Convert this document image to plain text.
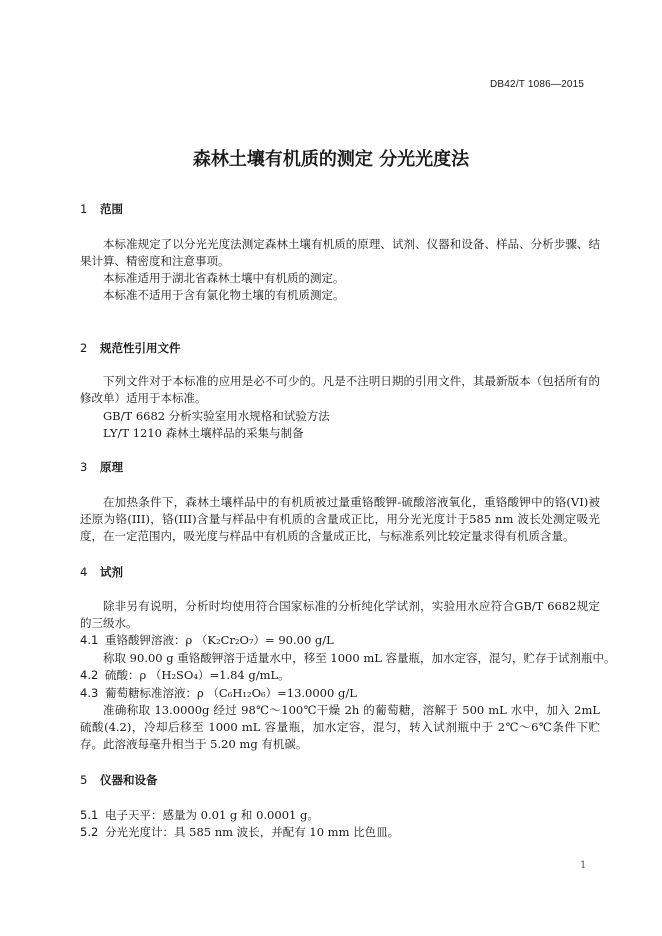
DB42/T 1086—2015
森林土壤有机质的测定 分光光度法
1 范围
本标准规定了以分光光度法测定森林土壤有机质的原理、试剂、仪器和设备、样品、分析步骤、结果计算、精密度和注意事项。
本标准适用于湖北省森林土壤中有机质的测定。
本标准不适用于含有氯化物土壤的有机质测定。
2 规范性引用文件
下列文件对于本标准的应用是必不可少的。凡是不注明日期的引用文件，其最新版本（包括所有的修改单）适用于本标准。
GB/T 6682 分析实验室用水规格和试验方法
LY/T 1210 森林土壤样品的采集与制备
3 原理
在加热条件下，森林土壤样品中的有机质被过量重铬酸钾-硫酸溶液氧化，重铬酸钾中的铬(VI)被还原为铬(III)，铬(III)含量与样品中有机质的含量成正比，用分光光度计于585 nm 波长处测定吸光度，在一定范围内，吸光度与样品中有机质的含量成正比，与标准系列比较定量求得有机质含量。
4 试剂
除非另有说明，分析时均使用符合国家标准的分析纯化学试剂，实验用水应符合GB/T 6682规定的三级水。
4.1 重铬酸钾溶液：ρ （K₂Cr₂O₇）= 90.00 g/L
称取 90.00 g 重铬酸钾溶于适量水中，移至 1000 mL 容量瓶，加水定容，混匀，贮存于试剂瓶中。
4.2 硫酸：ρ （H₂SO₄）=1.84 g/mL。
4.3 葡萄糖标准溶液：ρ （C₆H₁₂O₆）=13.0000 g/L
准确称取 13.0000g 经过 98℃～100℃干燥 2h 的葡萄糖，溶解于 500 mL 水中，加入 2mL 硫酸(4.2)，冷却后移至 1000 mL 容量瓶，加水定容，混匀，转入试剂瓶中于 2℃～6℃条件下贮存。此溶液每毫升相当于 5.20 mg 有机碳。
5 仪器和设备
5.1 电子天平：感量为 0.01 g 和 0.0001 g。
5.2 分光光度计：具 585 nm 波长，并配有 10 mm 比色皿。
1
